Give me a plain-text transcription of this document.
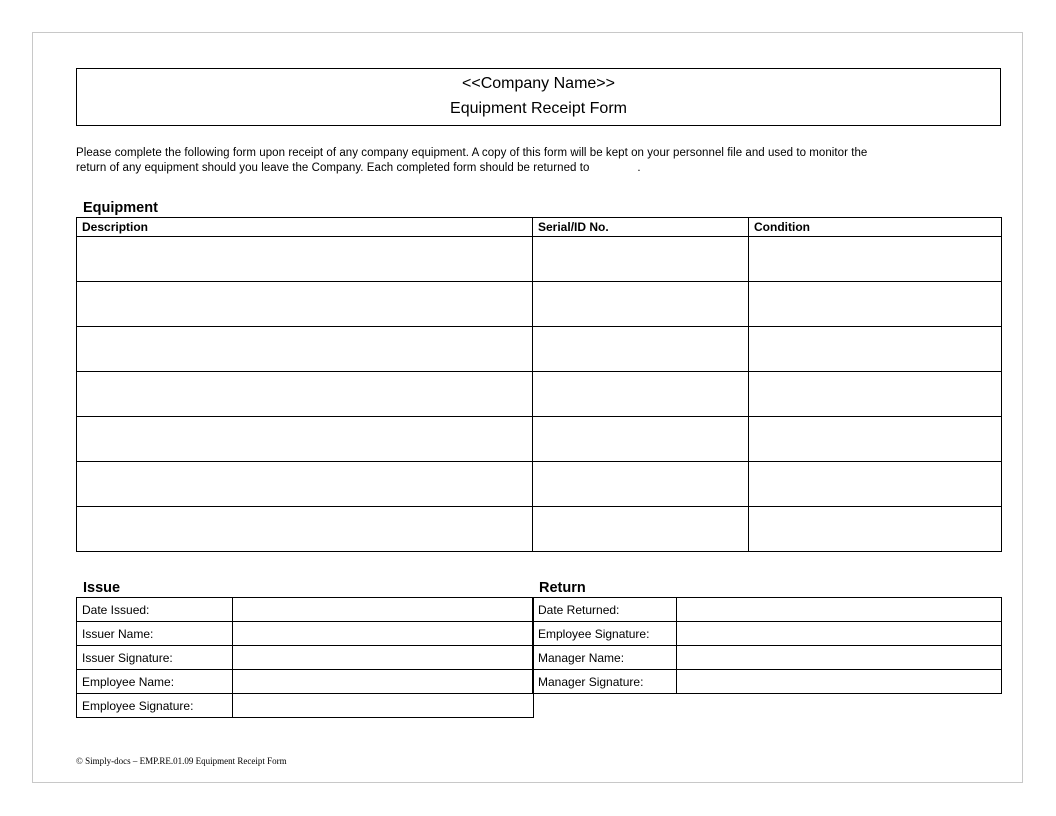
<<Company Name>>
Equipment Receipt Form
Please complete the following form upon receipt of any company equipment. A copy of this form will be kept on your personnel file and used to monitor the
return of any equipment should you leave the Company. Each completed form should be returned to	.
Equipment
Description	Serial/ID No.	Condition

Issue	Return
Date Issued:	
Issuer Name:	
Issuer Signature:	
Employee Name:	
Employee Signature:	
Date Returned:	
Employee Signature:	
Manager Name:	
Manager Signature:	
© Simply-docs – EMP.RE.01.09 Equipment Receipt Form
